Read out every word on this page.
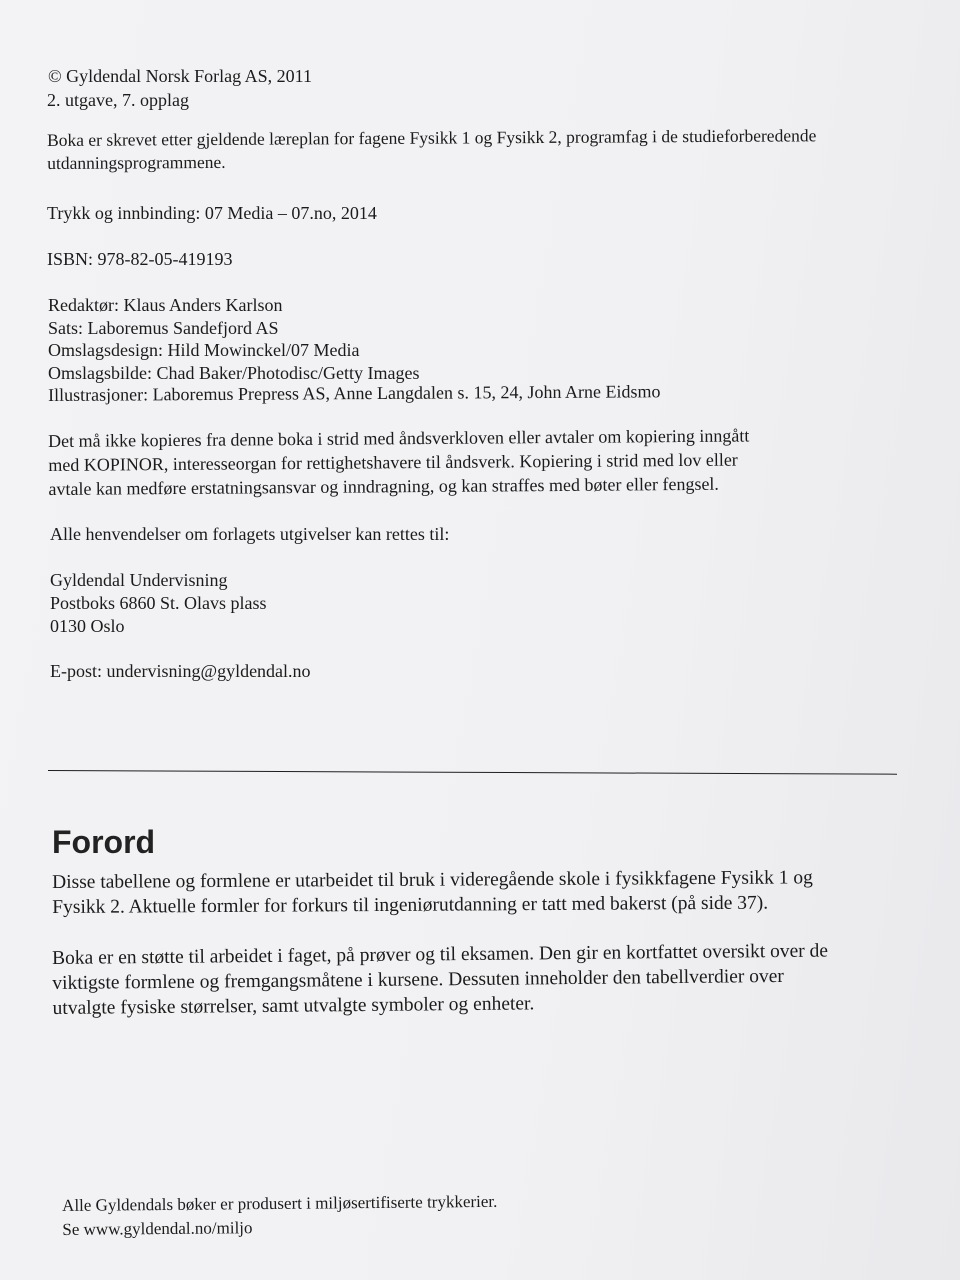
© Gyldendal Norsk Forlag AS, 2011

2. utgave, 7. opplag

Boka er skrevet etter gjeldende læreplan for fagene Fysikk 1 og Fysikk 2, programfag i de studieforberedende

utdanningsprogrammene.

Trykk og innbinding: 07 Media – 07.no, 2014

ISBN: 978-82-05-419193

Redaktør: Klaus Anders Karlson

Sats: Laboremus Sandefjord AS

Omslagsdesign: Hild Mowinckel/07 Media

Omslagsbilde: Chad Baker/Photodisc/Getty Images

Illustrasjoner: Laboremus Prepress AS, Anne Langdalen s. 15, 24, John Arne Eidsmo

Det må ikke kopieres fra denne boka i strid med åndsverkloven eller avtaler om kopiering inngått

med KOPINOR, interesseorgan for rettighetshavere til åndsverk. Kopiering i strid med lov eller

avtale kan medføre erstatningsansvar og inndragning, og kan straffes med bøter eller fengsel.

Alle henvendelser om forlagets utgivelser kan rettes til:

Gyldendal Undervisning

Postboks 6860 St. Olavs plass

0130 Oslo

E-post: undervisning@gyldendal.no

Forord

Disse tabellene og formlene er utarbeidet til bruk i videregående skole i fysikkfagene Fysikk 1 og

Fysikk 2. Aktuelle formler for forkurs til ingeniørutdanning er tatt med bakerst (på side 37).

Boka er en støtte til arbeidet i faget, på prøver og til eksamen. Den gir en kortfattet oversikt over de

viktigste formlene og fremgangsmåtene i kursene. Dessuten inneholder den tabellverdier over

utvalgte fysiske størrelser, samt utvalgte symboler og enheter.

Alle Gyldendals bøker er produsert i miljøsertifiserte trykkerier.

Se www.gyldendal.no/miljo
